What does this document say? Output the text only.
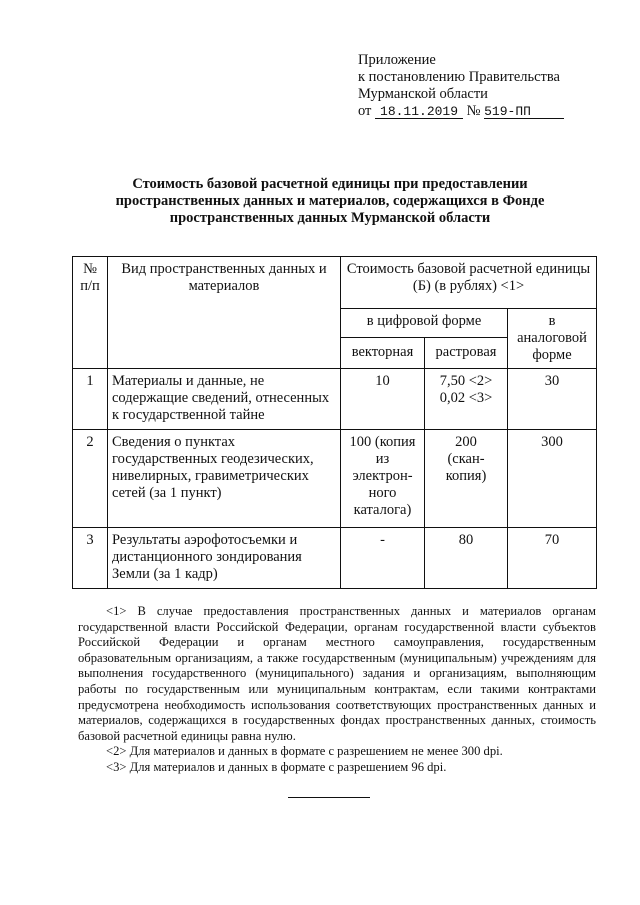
Приложение
к постановлению Правительства
Мурманской области
от 18.11.2019 № 519-ПП
Стоимость базовой расчетной единицы при предоставлении
пространственных данных и материалов, содержащихся в Фонде
пространственных данных Мурманской области
№ п/п	Вид пространственных данных и материалов	Стоимость базовой расчетной единицы (Б) (в рублях) <1>		
		в цифровой форме		в аналоговой форме
		векторная	растровая	
1	Материалы и данные, не содержащие сведений, отнесенных к государственной тайне	10	7,50 <2> 0,02 <3>	30
2	Сведения о пунктах государственных геодезических, нивелирных, гравиметрических сетей (за 1 пункт)	100 (копия из электрон-ного каталога)	200 (скан-копия)	300
3	Результаты аэрофотосъемки и дистанционного зондирования Земли (за 1 кадр)	-	80	70

<1> В случае предоставления пространственных данных и материалов органам государственной власти Российской Федерации, органам государственной власти субъектов Российской Федерации и органам местного самоуправления, государственным образовательным организациям, а также государственным (муниципальным) учреждениям для выполнения государственного (муниципального) задания и организациям, выполняющим работы по государственным или муниципальным контрактам, если такими контрактами предусмотрена необходимость использования соответствующих пространственных данных и материалов, содержащихся в государственных фондах пространственных данных, стоимость базовой расчетной единицы равна нулю.

<2> Для материалов и данных в формате с разрешением не менее 300 dpi.

<3> Для материалов и данных в формате с разрешением 96 dpi.
